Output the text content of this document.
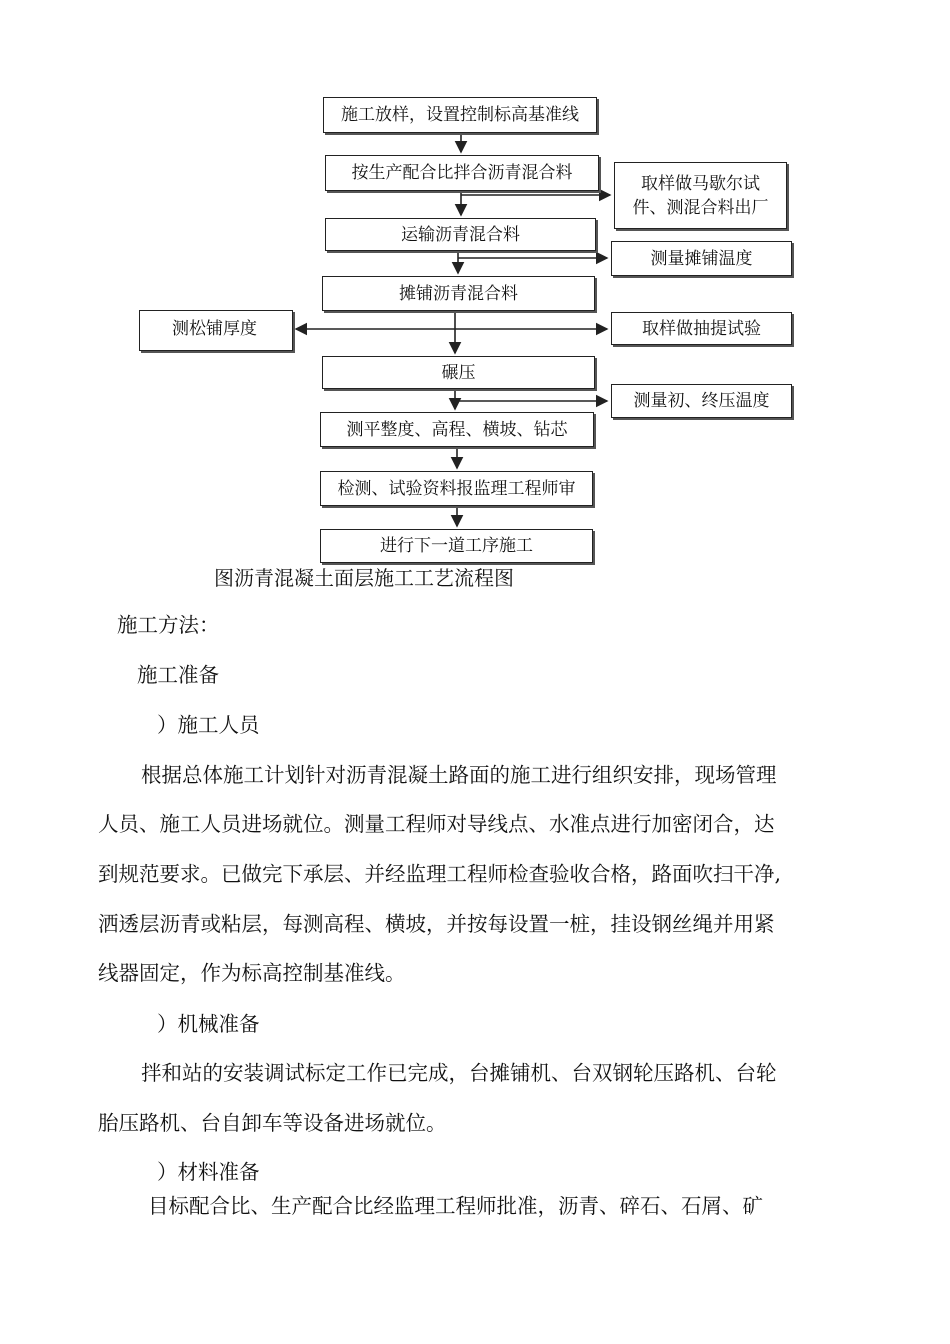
施工放样，设置控制标高基准线
按生产配合比拌合沥青混合料
运输沥青混合料
摊铺沥青混合料
碾压
测平整度、高程、横坡、钻芯
检测、试验资料报监理工程师审
进行下一道工序施工
取样做马歇尔试
件、测混合料出厂
测量摊铺温度
测松铺厚度	取样做抽提试验
测量初、终压温度
图沥青混凝土面层施工工艺流程图
施工方法：
施工准备
）施工人员
根据总体施工计划针对沥青混凝土路面的施工进行组织安排，现场管理
人员、施工人员进场就位。测量工程师对导线点、水准点进行加密闭合，达
到规范要求。已做完下承层、并经监理工程师检查验收合格，路面吹扫干净,
洒透层沥青或粘层，每测高程、横坡，并按每设置一桩，挂设钢丝绳并用紧
线器固定，作为标高控制基准线。
）机械准备
拌和站的安装调试标定工作已完成，台摊铺机、台双钢轮压路机、台轮
胎压路机、台自卸车等设备进场就位。
）材料准备
目标配合比、生产配合比经监理工程师批准，沥青、碎石、石屑、矿
